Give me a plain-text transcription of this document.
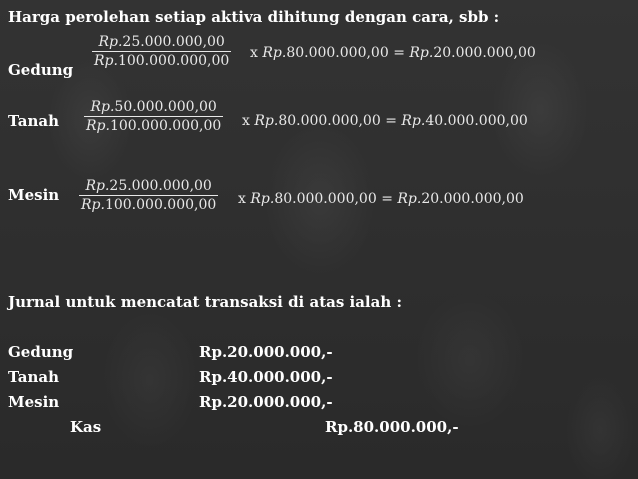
Harga perolehan setiap aktiva dihitung dengan cara, sbb :
Gedung
Rp.25.000.000,00
Rp.100.000.000,00 x Rp.80.000.000,00 = Rp.20.000.000,00
Tanah
Rp.50.000.000,00
Rp.100.000.000,00 x Rp.80.000.000,00 = Rp.40.000.000,00
Mesin Rp.25.000.000,00
Rp.100.000.000,00 x Rp.80.000.000,00 = Rp.20.000.000,00
Jurnal untuk mencatat transaksi di atas ialah :
Gedung	Rp.20.000.000,-
Tanah	Rp.40.000.000,-
Mesin	Rp.20.000.000,-
Kas	Rp.80.000.000,-
